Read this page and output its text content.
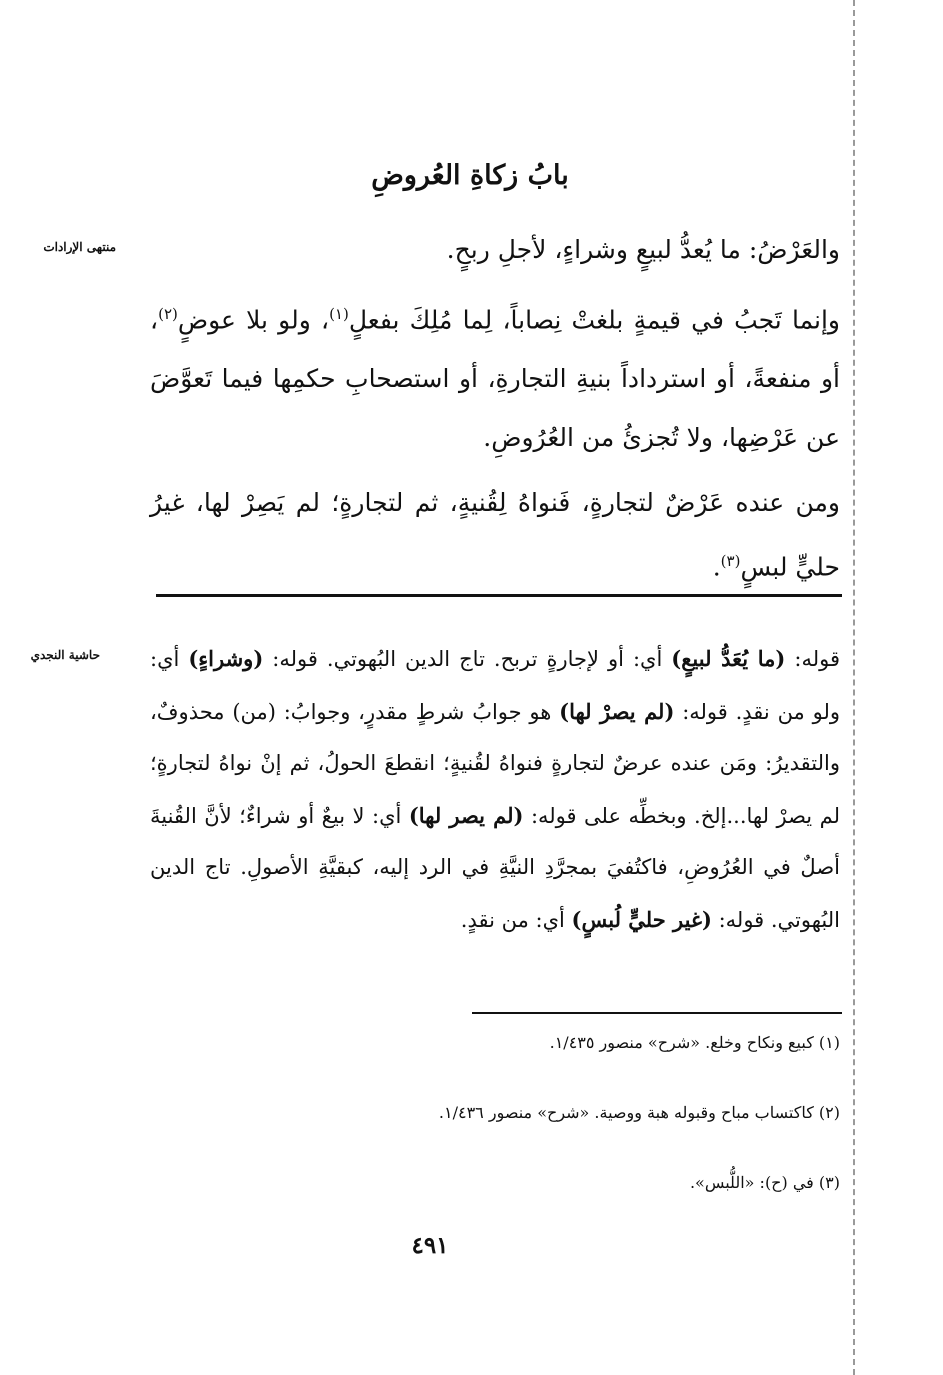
بابُ زكاةِ العُروضِ
منتهى الإرادات	والعَرْضُ: ما يُعدُّ لبيعٍ وشراءٍ، لأجلِ ربحٍ.

وإنما تَجبُ في قيمةٍ بلغتْ نِصاباً، لِما مُلِكَ بفعلٍ$^{(١)}$، ولو بلا عوضٍ$^{(٢)}$، أو منفعةً، أو استرداداً بنيةِ التجارةِ، أو استصحابِ حكمِها فيما تَعوَّضَ عن عَرْضِها، ولا تُجزئُ من العُرُوضِ.

ومن عنده عَرْضٌ لتجارةٍ، فَنواهُ لِقُنيةٍ، ثم لتجارةٍ؛ لم يَصِرْ لها، غيرُ حليٍّ لبسٍ$^{(٣)}$.

حاشية النجدي	قوله: (ما يُعَدُّ لبيعٍ) أي: أو لإجارةٍ تربح. تاج الدين البُهوتي. قوله: (وشراءٍ) أي: ولو من نقدٍ. قوله: (لم يصرْ لها) هو جوابُ شرطٍ مقدرٍ، وجوابُ: (من) محذوفٌ، والتقديرُ: ومَن عنده عرضٌ لتجارةٍ فنواهُ لقُنيةٍ؛ انقطعَ الحولُ، ثم إنْ نواهُ لتجارةٍ؛ لم يصرْ لها...إلخ. وبخطِّه على قوله: (لم يصر لها) أي: لا بيعٌ أو شراءٌ؛ لأنَّ القُنيةَ أصلٌ في العُرُوضِ، فاكتُفيَ بمجرَّدِ النيَّةِ في الرد إليه، كبقيَّةِ الأصولِ. تاج الدين البُهوتي. قوله: (غير حليٍّ لُبسٍ) أي: من نقدٍ.

(١) كبيع ونكاح وخلع. «شرح» منصور ١/٤٣٥.

(٢) كاكتساب مباح وقبوله هبة ووصية. «شرح» منصور ١/٤٣٦.

(٣) في (ح): «اللُّبس».

٤٩١
